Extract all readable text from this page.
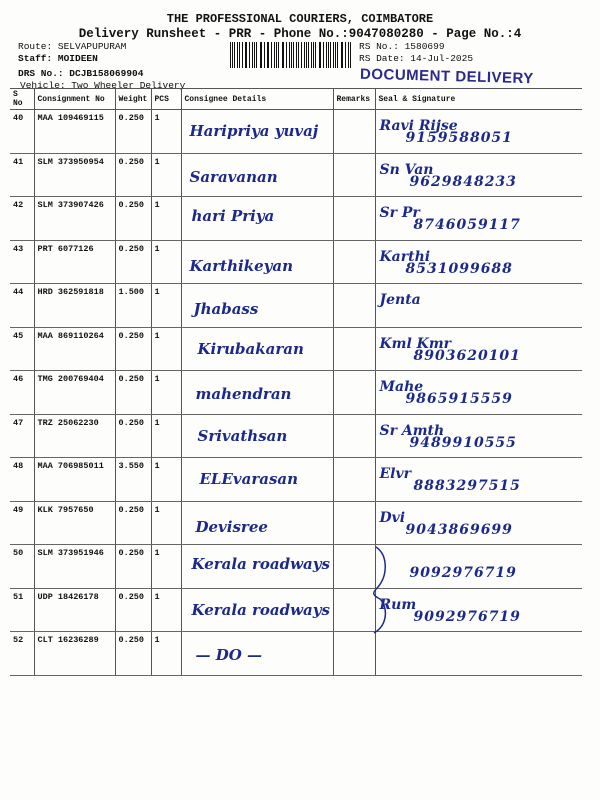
THE PROFESSIONAL COURIERS, COIMBATORE
Delivery Runsheet - PRR - Phone No.:9047080280 - Page No.:4
Route: SELVAPUPURAM
Staff: MOIDEEN
DRS No.: DCJB158069904
Vehicle: Two Wheeler Delivery
RS No.: 1580699
RS Date: 14-Jul-2025
DOCUMENT DELIVERY
S No	Consignment No	Weight	PCS	Consignee Details	Remarks	Seal & Signature
40	MAA 109469115	0.250	1	Haripriya yuvaj		Ravi Rijse
9159588051

41	SLM 373950954	0.250	1	Saravanan		Sn Van
9629848233

42	SLM 373907426	0.250	1	hari Priya		Sr Pr
8746059117

43	PRT 6077126	0.250	1	Karthikeyan		Karthi
8531099688

44	HRD 362591818	1.500	1	Jhabass		Jenta

45	MAA 869110264	0.250	1	Kirubakaran		Kml Kmr
8903620101

46	TMG 200769404	0.250	1	mahendran		Mahe
9865915559

47	TRZ 25062230	0.250	1	Srivathsan		Sr Amth
9489910555

48	MAA 706985011	3.550	1	ELEvarasan		Elvr
8883297515

49	KLK 7957650	0.250	1	Devisree		Dvi
9043869699

50	SLM 373951946	0.250	1	Kerala roadways		9092976719

51	UDP 18426178	0.250	1	Kerala roadways		Rum
9092976719

52	CLT 16236289	0.250	1	— DO —		
